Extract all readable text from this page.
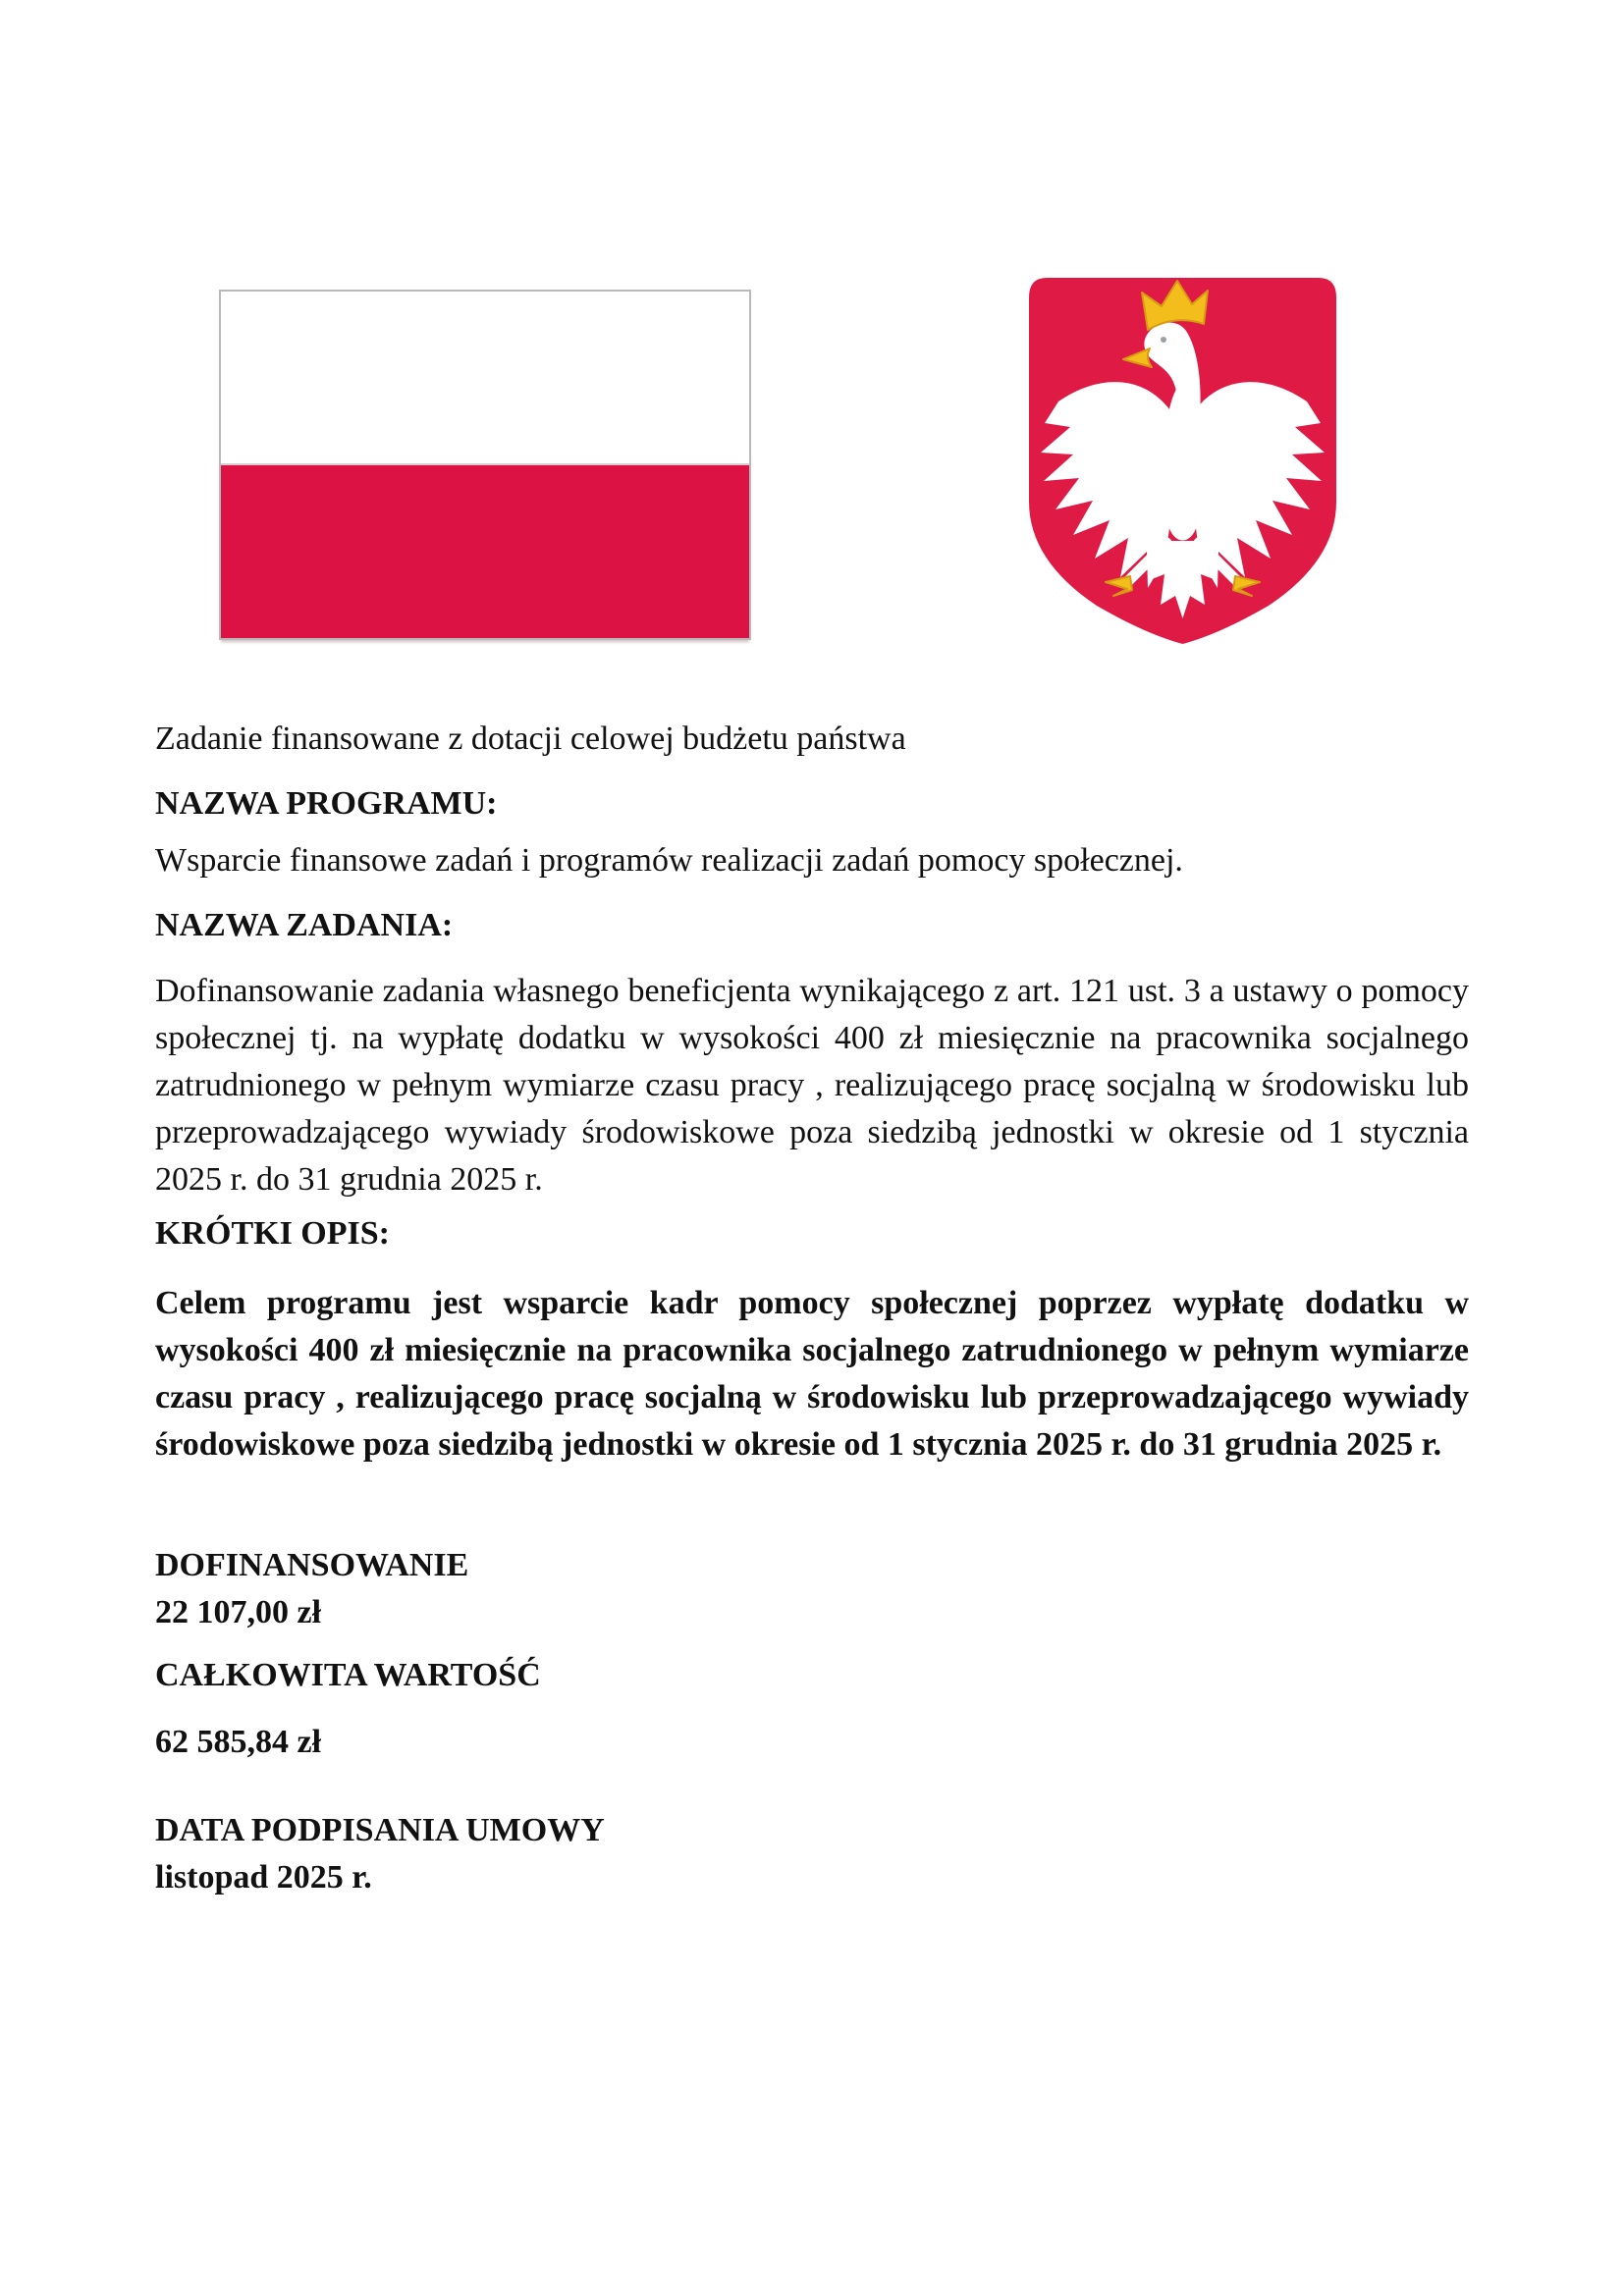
Zadanie finansowane z dotacji celowej budżetu państwa

NAZWA PROGRAMU:

Wsparcie finansowe zadań i programów realizacji zadań pomocy społecznej.

NAZWA ZADANIA:

Dofinansowanie zadania własnego beneficjenta wynikającego z art. 121 ust. 3 a ustawy o pomocy społecznej tj. na wypłatę dodatku w wysokości 400 zł miesięcznie na pracownika socjalnego zatrudnionego w pełnym wymiarze czasu pracy , realizującego pracę socjalną w środowisku lub przeprowadzającego wywiady środowiskowe poza siedzibą jednostki w okresie od 1 stycznia 2025 r. do 31 grudnia 2025 r.

KRÓTKI OPIS:

Celem programu jest wsparcie kadr pomocy społecznej poprzez wypłatę dodatku w wysokości 400 zł miesięcznie na pracownika socjalnego zatrudnionego w pełnym wymiarze czasu pracy , realizującego pracę socjalną w środowisku lub przeprowadzającego wywiady środowiskowe poza siedzibą jednostki w okresie od 1 stycznia 2025 r. do 31 grudnia 2025 r.

DOFINANSOWANIE
22 107,00 zł

CAŁKOWITA WARTOŚĆ

62 585,84 zł

DATA PODPISANIA UMOWY
listopad 2025 r.
